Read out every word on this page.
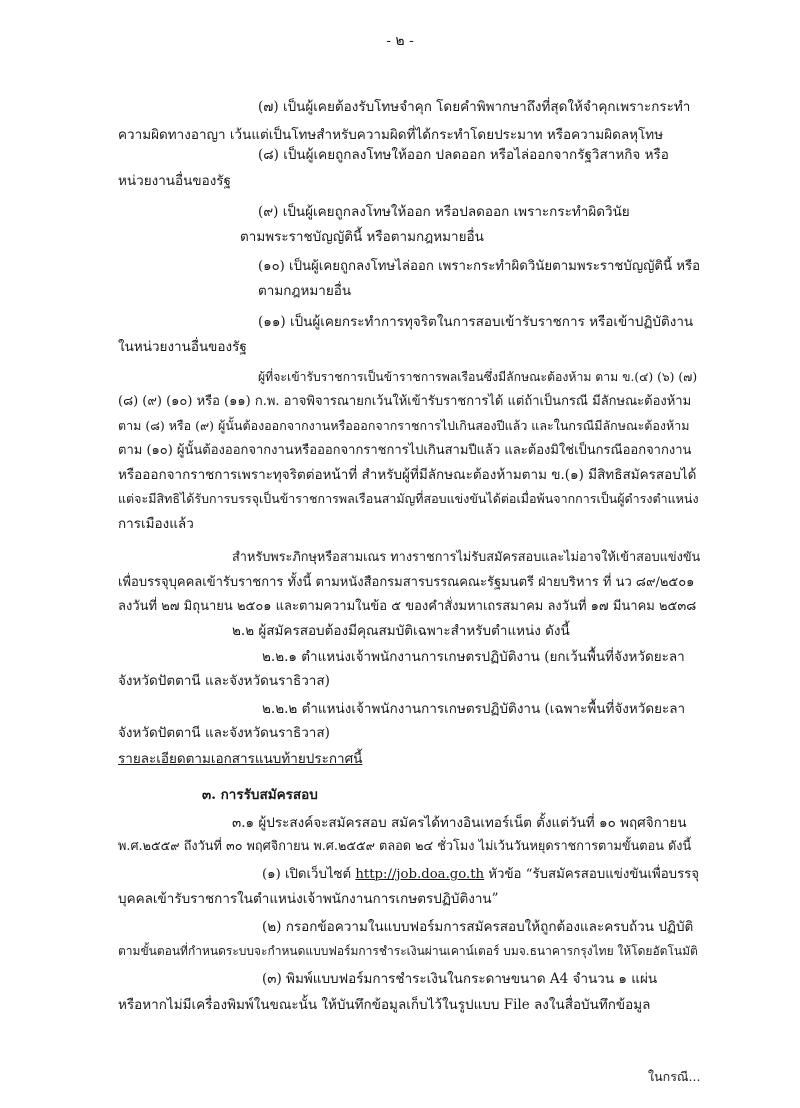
- ๒ -
(๗) เป็นผู้เคยต้องรับโทษจำคุก โดยคำพิพากษาถึงที่สุดให้จำคุกเพราะกระทำ
ความผิดทางอาญา เว้นแต่เป็นโทษสำหรับความผิดที่ได้กระทำโดยประมาท หรือความผิดลหุโทษ
(๘) เป็นผู้เคยถูกลงโทษให้ออก ปลดออก หรือไล่ออกจากรัฐวิสาหกิจ หรือ
หน่วยงานอื่นของรัฐ
(๙) เป็นผู้เคยถูกลงโทษให้ออก หรือปลดออก เพราะกระทำผิดวินัย
ตามพระราชบัญญัตินี้ หรือตามกฎหมายอื่น
(๑๐) เป็นผู้เคยถูกลงโทษไล่ออก เพราะกระทำผิดวินัยตามพระราชบัญญัตินี้ หรือ
ตามกฎหมายอื่น
(๑๑) เป็นผู้เคยกระทำการทุจริตในการสอบเข้ารับราชการ หรือเข้าปฏิบัติงาน
ในหน่วยงานอื่นของรัฐ
ผู้ที่จะเข้ารับราชการเป็นข้าราชการพลเรือนซึ่งมีลักษณะต้องห้าม ตาม ข.(๔) (๖) (๗)
(๘) (๙) (๑๐) หรือ (๑๑) ก.พ. อาจพิจารณายกเว้นให้เข้ารับราชการได้ แต่ถ้าเป็นกรณี มีลักษณะต้องห้าม
ตาม (๘) หรือ (๙) ผู้นั้นต้องออกจากงานหรือออกจากราชการไปเกินสองปีแล้ว และในกรณีมีลักษณะต้องห้าม
ตาม (๑๐) ผู้นั้นต้องออกจากงานหรือออกจากราชการไปเกินสามปีแล้ว และต้องมิใช่เป็นกรณีออกจากงาน
หรือออกจากราชการเพราะทุจริตต่อหน้าที่ สำหรับผู้ที่มีลักษณะต้องห้ามตาม ข.(๑) มีสิทธิสมัครสอบได้
แต่จะมีสิทธิได้รับการบรรจุเป็นข้าราชการพลเรือนสามัญที่สอบแข่งขันได้ต่อเมื่อพ้นจากการเป็นผู้ดำรงตำแหน่ง
การเมืองแล้ว
สำหรับพระภิกษุหรือสามเณร ทางราชการไม่รับสมัครสอบและไม่อาจให้เข้าสอบแข่งขัน
เพื่อบรรจุบุคคลเข้ารับราชการ ทั้งนี้ ตามหนังสือกรมสารบรรณคณะรัฐมนตรี ฝ่ายบริหาร ที่ นว ๘๙/๒๕๐๑
ลงวันที่ ๒๗ มิถุนายน ๒๕๐๑ และตามความในข้อ ๕ ของคำสั่งมหาเถรสมาคม ลงวันที่ ๑๗ มีนาคม ๒๕๓๘
๒.๒ ผู้สมัครสอบต้องมีคุณสมบัติเฉพาะสำหรับตำแหน่ง ดังนี้
๒.๒.๑ ตำแหน่งเจ้าพนักงานการเกษตรปฏิบัติงาน (ยกเว้นพื้นที่จังหวัดยะลา
จังหวัดปัตตานี และจังหวัดนราธิวาส)
๒.๒.๒ ตำแหน่งเจ้าพนักงานการเกษตรปฏิบัติงาน (เฉพาะพื้นที่จังหวัดยะลา
จังหวัดปัตตานี และจังหวัดนราธิวาส)
รายละเอียดตามเอกสารแนบท้ายประกาศนี้
๓. การรับสมัครสอบ
๓.๑ ผู้ประสงค์จะสมัครสอบ สมัครได้ทางอินเทอร์เน็ต ตั้งแต่วันที่ ๑๐ พฤศจิกายน
พ.ศ.๒๕๕๙ ถึงวันที่ ๓๐ พฤศจิกายน พ.ศ.๒๕๕๙ ตลอด ๒๔ ชั่วโมง ไม่เว้นวันหยุดราชการตามขั้นตอน ดังนี้
(๑) เปิดเว็บไซต์ http://job.doa.go.th หัวข้อ “รับสมัครสอบแข่งขันเพื่อบรรจุ
บุคคลเข้ารับราชการในตำแหน่งเจ้าพนักงานการเกษตรปฏิบัติงาน”
(๒) กรอกข้อความในแบบฟอร์มการสมัครสอบให้ถูกต้องและครบถ้วน ปฏิบัติ
ตามขั้นตอนที่กำหนดระบบจะกำหนดแบบฟอร์มการชำระเงินผ่านเคาน์เตอร์ บมจ.ธนาคารกรุงไทย ให้โดยอัตโนมัติ
(๓) พิมพ์แบบฟอร์มการชำระเงินในกระดาษขนาด A4 จำนวน ๑ แผ่น
หรือหากไม่มีเครื่องพิมพ์ในขณะนั้น ให้บันทึกข้อมูลเก็บไว้ในรูปแบบ File ลงในสื่อบันทึกข้อมูล
ในกรณี...
